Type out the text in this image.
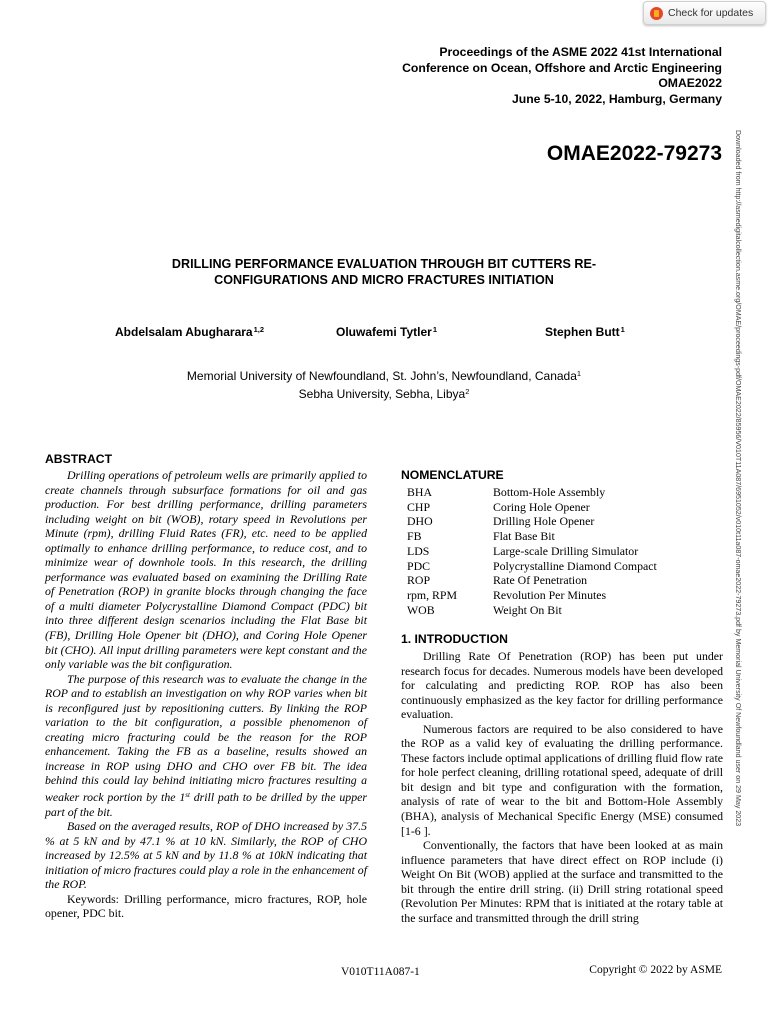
Check for updates
Proceedings of the ASME 2022 41st International
Conference on Ocean, Offshore and Arctic Engineering
OMAE2022
June 5-10, 2022, Hamburg, Germany
OMAE2022-79273 Downloaded from http://asmedigitalcollection.asme.org/OMAE/proceedings-pdf/OMAE2022/85956/V010T11A087/6951052/v010t11a087-omae2022-79273.pdf by Memorial University Of Newfoundland user on 29 May 2023
DRILLING PERFORMANCE EVALUATION THROUGH BIT CUTTERS RE-
CONFIGURATIONS AND MICRO FRACTURES INITIATION
Abdelsalam Abugharara$^{1,2}$	Oluwafemi Tytler$^1$	Stephen Butt$^1$
Memorial University of Newfoundland, St. John’s, Newfoundland, Canada$^1$
Sebha University, Sebha, Libya$^2$
ABSTRACT

Drilling operations of petroleum wells are primarily applied to create channels through subsurface formations for oil and gas production. For best drilling performance, drilling parameters including weight on bit (WOB), rotary speed in Revolutions per Minute (rpm), drilling Fluid Rates (FR), etc. need to be applied optimally to enhance drilling performance, to reduce cost, and to minimize wear of downhole tools. In this research, the drilling performance was evaluated based on examining the Drilling Rate of Penetration (ROP) in granite blocks through changing the face of a multi diameter Polycrystalline Diamond Compact (PDC) bit into three different design scenarios including the Flat Base bit (FB), Drilling Hole Opener bit (DHO), and Coring Hole Opener bit (CHO). All input drilling parameters were kept constant and the only variable was the bit configuration.

The purpose of this research was to evaluate the change in the ROP and to establish an investigation on why ROP varies when bit is reconfigured just by repositioning cutters. By linking the ROP variation to the bit configuration, a possible phenomenon of creating micro fracturing could be the reason for the ROP enhancement. Taking the FB as a baseline, results showed an increase in ROP using DHO and CHO over FB bit. The idea behind this could lay behind initiating micro fractures resulting a weaker rock portion by the 1st drill path to be drilled by the upper part of the bit.

Based on the averaged results, ROP of DHO increased by 37.5 % at 5 kN and by 47.1 % at 10 kN. Similarly, the ROP of CHO increased by 12.5% at 5 kN and by 11.8 % at 10kN indicating that initiation of micro fractures could play a role in the enhancement of the ROP.

Keywords: Drilling performance, micro fractures, ROP, hole opener, PDC bit.

NOMENCLATURE
BHA	Bottom-Hole Assembly
CHP	Coring Hole Opener
DHO	Drilling Hole Opener
FB	Flat Base Bit
LDS	Large-scale Drilling Simulator
PDC	Polycrystalline Diamond Compact
ROP	Rate Of Penetration
rpm, RPM	Revolution Per Minutes
WOB	Weight On Bit
1. INTRODUCTION

Drilling Rate Of Penetration (ROP) has been put under research focus for decades. Numerous models have been developed for calculating and predicting ROP. ROP has also been continuously emphasized as the key factor for drilling performance evaluation.

Numerous factors are required to be also considered to have the ROP as a valid key of evaluating the drilling performance. These factors include optimal applications of drilling fluid flow rate for hole perfect cleaning, drilling rotational speed, adequate of drill bit design and bit type and configuration with the formation, analysis of rate of wear to the bit and Bottom-Hole Assembly (BHA), analysis of Mechanical Specific Energy (MSE) consumed [1-6 ].

Conventionally, the factors that have been looked at as main influence parameters that have direct effect on ROP include (i) Weight On Bit (WOB) applied at the surface and transmitted to the bit through the entire drill string. (ii) Drill string rotational speed (Revolution Per Minutes: RPM that is initiated at the rotary table at the surface and transmitted through the drill string

V010T11A087-1	Copyright © 2022 by ASME
